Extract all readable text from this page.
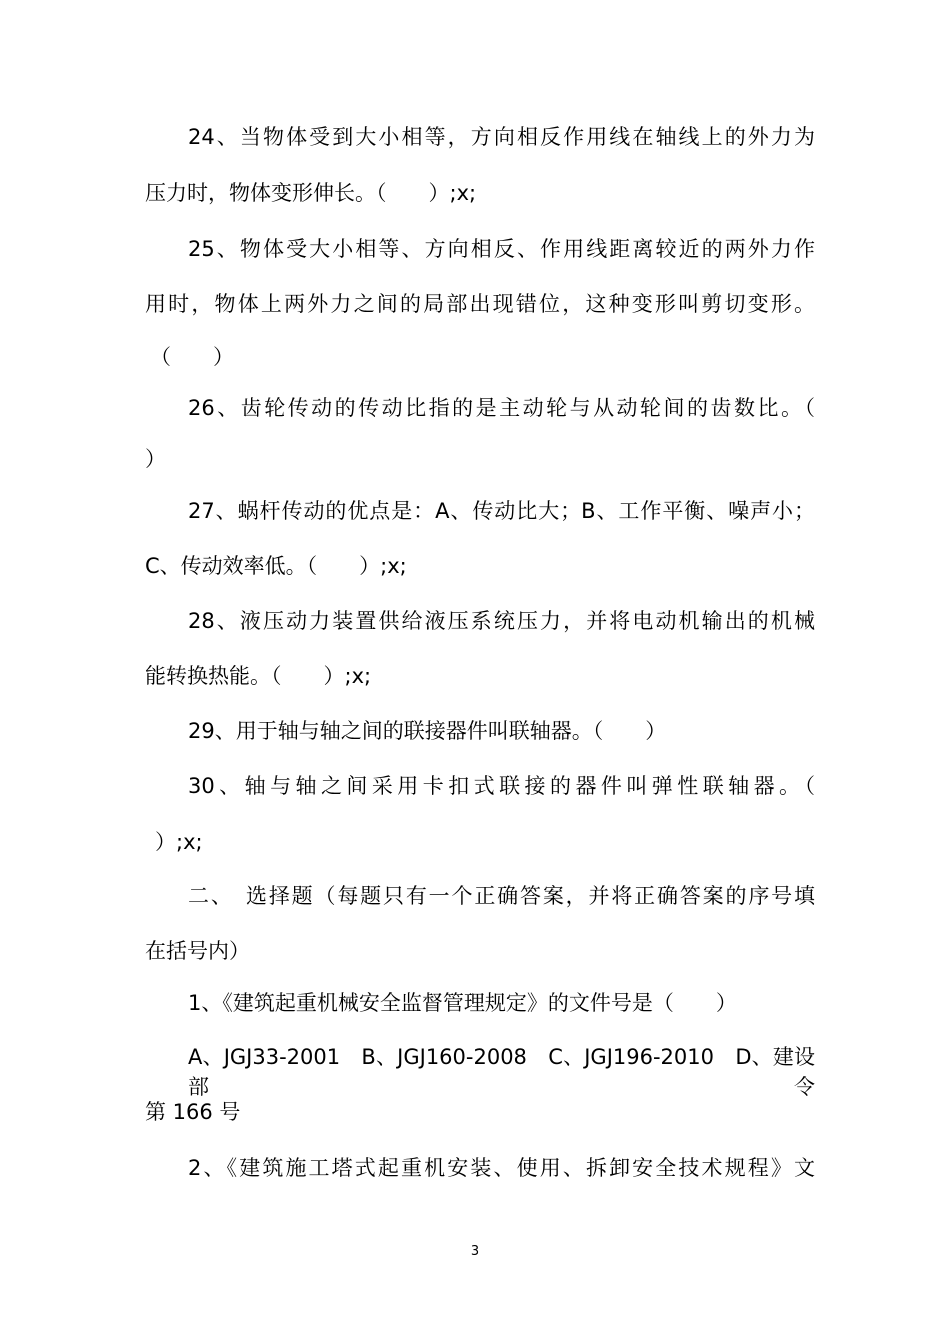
24、当物体受到大小相等，方向相反作用线在轴线上的外力为
压力时，物体变形伸长。（　　）;x;
25、物体受大小相等、方向相反、作用线距离较近的两外力作
用时，物体上两外力之间的局部出现错位，这种变形叫剪切变形。
（　　）
26、齿轮传动的传动比指的是主动轮与从动轮间的齿数比。（
）
27、蜗杆传动的优点是：A、传动比大；B、工作平衡、噪声小；
C、传动效率低。（　　）;x;
28、液压动力装置供给液压系统压力，并将电动机输出的机械
能转换热能。（　　）;x;
29、用于轴与轴之间的联接器件叫联轴器。（　　）
30、轴与轴之间采用卡扣式联接的器件叫弹性联轴器。（
）;x;
二、　选择题（每题只有一个正确答案，并将正确答案的序号填
在括号内）
1、《建筑起重机械安全监督管理规定》的文件号是（　　）
A、JGJ33-2001　B、JGJ160-2008　C、JGJ196-2010　D、建设部令
第 166 号
2、《建筑施工塔式起重机安装、使用、拆卸安全技术规程》文
3
